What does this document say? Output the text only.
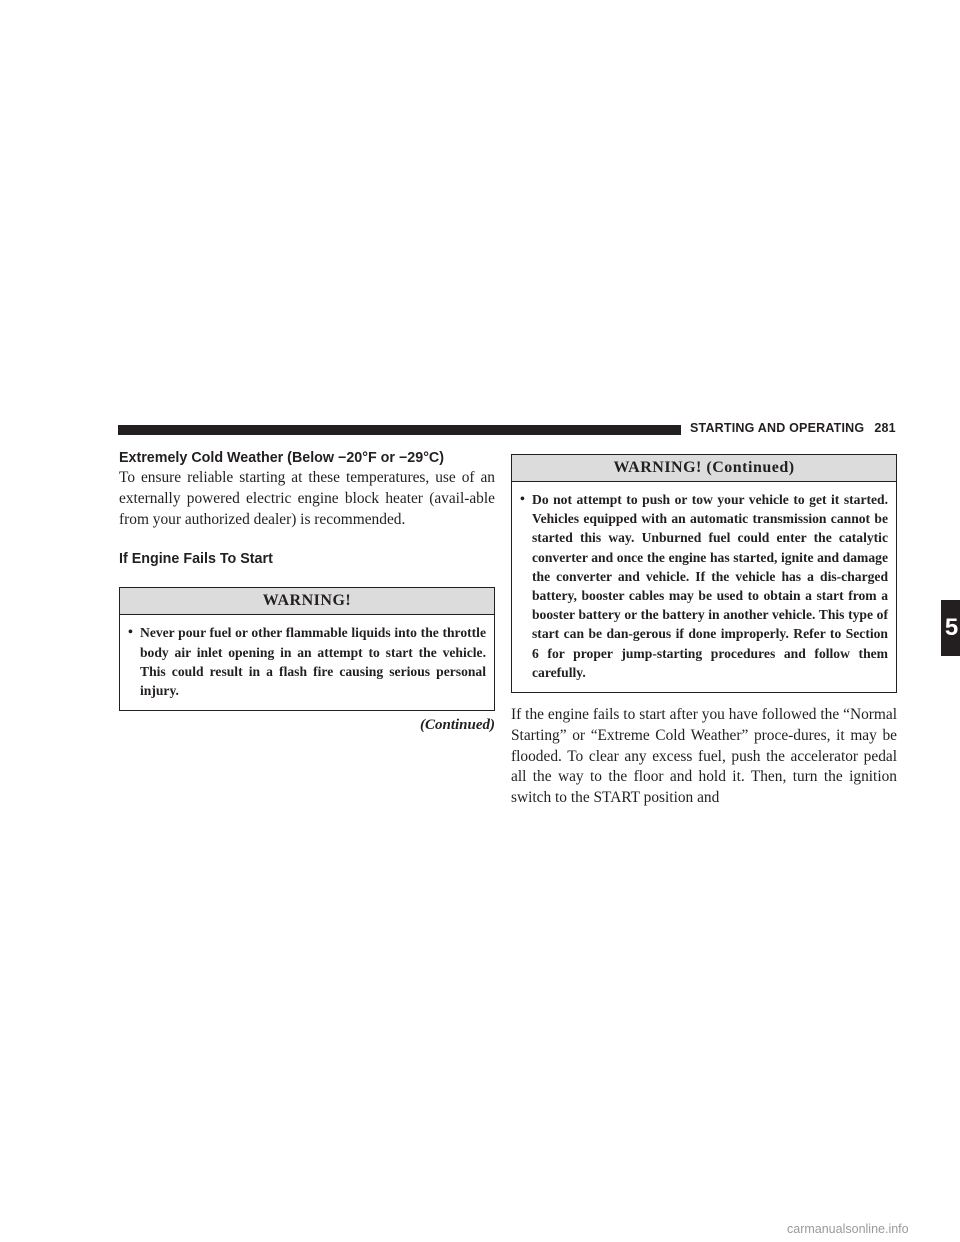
STARTING AND OPERATING 281
Extremely Cold Weather (Below −20°F or −29°C)

To ensure reliable starting at these temperatures, use of an externally powered electric engine block heater (avail-able from your authorized dealer) is recommended.

If Engine Fails To Start
WARNING!
• Never pour fuel or other flammable liquids into the throttle body air inlet opening in an attempt to start the vehicle. This could result in a flash fire causing serious personal injury.
(Continued)
WARNING! (Continued)
• Do not attempt to push or tow your vehicle to get it started. Vehicles equipped with an automatic transmission cannot be started this way. Unburned fuel could enter the catalytic converter and once the engine has started, ignite and damage the converter and vehicle. If the vehicle has a dis-charged battery, booster cables may be used to obtain a start from a booster battery or the battery in another vehicle. This type of start can be dan-gerous if done improperly. Refer to Section 6 for proper jump-starting procedures and follow them carefully.

If the engine fails to start after you have followed the “Normal Starting” or “Extreme Cold Weather” proce-dures, it may be flooded. To clear any excess fuel, push the accelerator pedal all the way to the floor and hold it. Then, turn the ignition switch to the START position and

5
carmanualsonline.info
